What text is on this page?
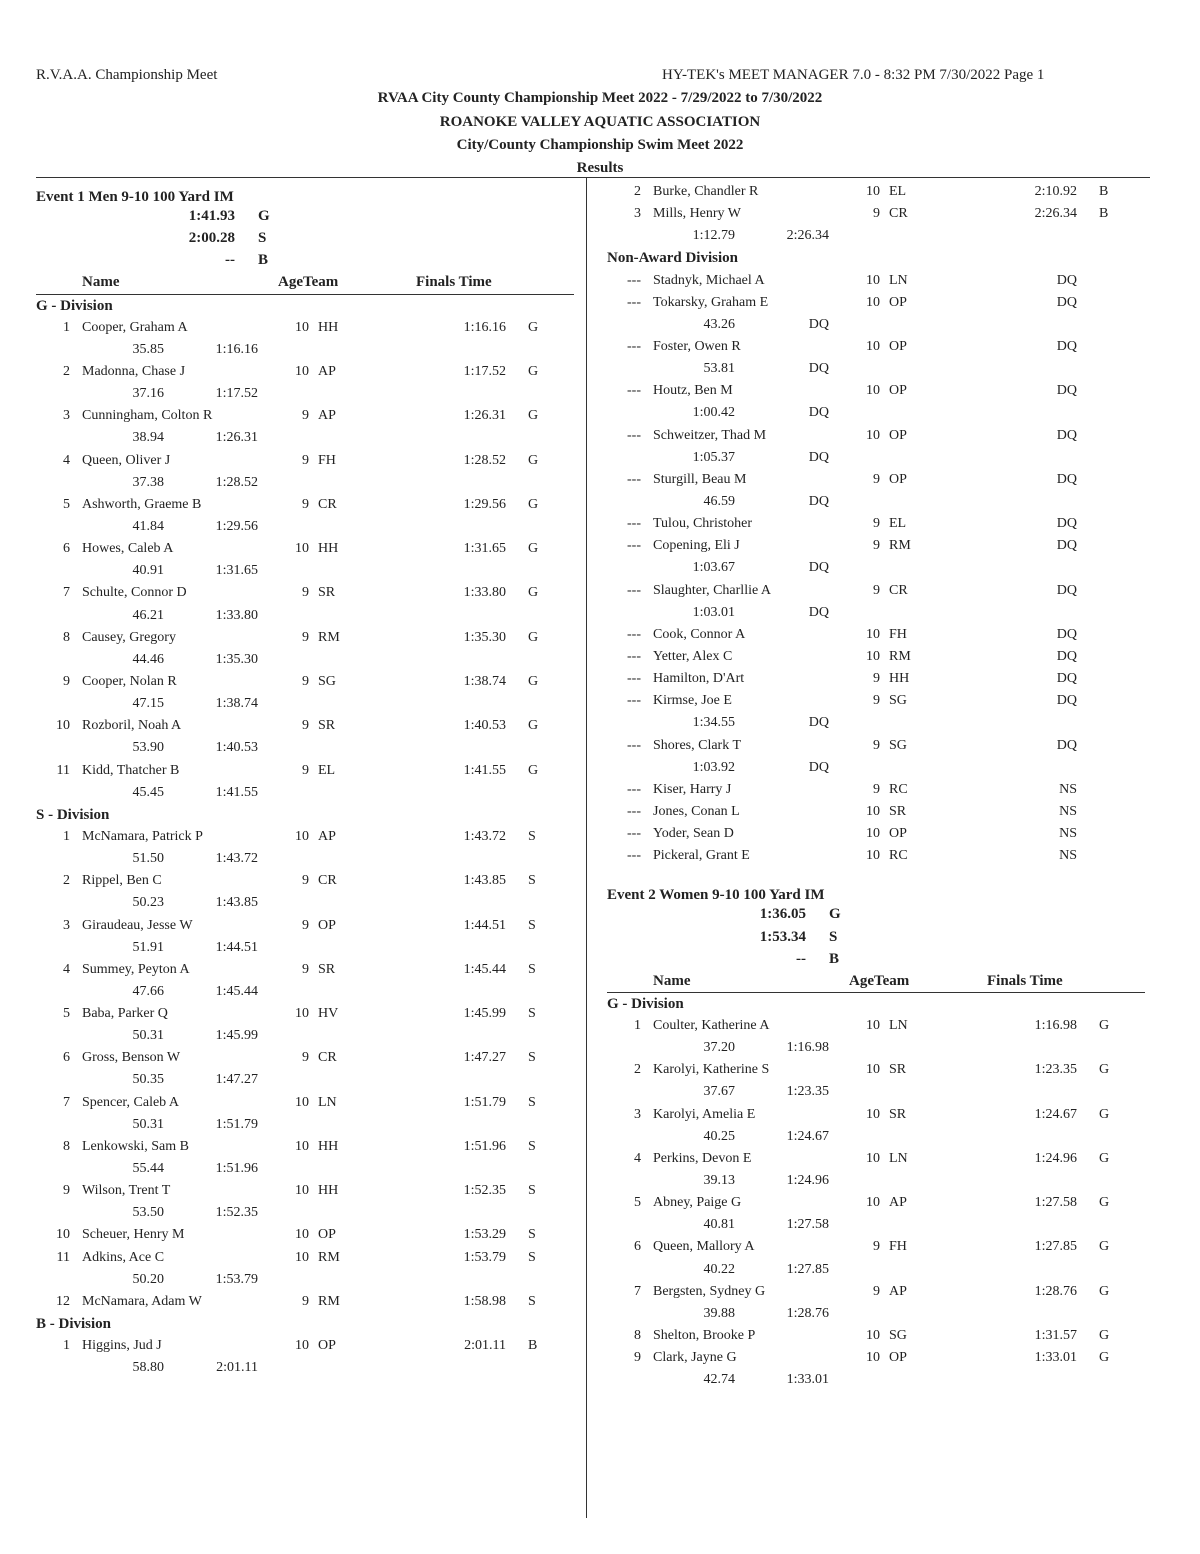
R.V.A.A. Championship Meet	HY-TEK's MEET MANAGER 7.0 - 8:32 PM 7/30/2022 Page 1
RVAA City County Championship Meet 2022 - 7/29/2022 to 7/30/2022
ROANOKE VALLEY AQUATIC ASSOCIATION
City/County Championship Swim Meet 2022
Results
Event 1 Men 9-10 100 Yard IM
1:41.93 G
2:00.28 S
-- B
Name	AgeTeam	Finals Time
G - Division
1 Cooper, Graham A	10 HH	1:16.16 G
35.85	1:16.16
2 Madonna, Chase J	10 AP	1:17.52 G
37.16	1:17.52
3 Cunningham, Colton R	9 AP	1:26.31 G
38.94	1:26.31
4 Queen, Oliver J	9 FH	1:28.52 G
37.38	1:28.52
5 Ashworth, Graeme B	9 CR	1:29.56 G
41.84	1:29.56
6 Howes, Caleb A	10 HH	1:31.65 G
40.91	1:31.65
7 Schulte, Connor D	9 SR	1:33.80 G
46.21	1:33.80
8 Causey, Gregory	9 RM	1:35.30 G
44.46	1:35.30
9 Cooper, Nolan R	9 SG	1:38.74 G
47.15	1:38.74
10 Rozboril, Noah A	9 SR	1:40.53 G
53.90	1:40.53
11 Kidd, Thatcher B	9 EL	1:41.55 G
45.45	1:41.55
S - Division
1 McNamara, Patrick P	10 AP	1:43.72 S
51.50	1:43.72
2 Rippel, Ben C	9 CR	1:43.85 S
50.23	1:43.85
3 Giraudeau, Jesse W	9 OP	1:44.51 S
51.91	1:44.51
4 Summey, Peyton A	9 SR	1:45.44 S
47.66	1:45.44
5 Baba, Parker Q	10 HV	1:45.99 S
50.31	1:45.99
6 Gross, Benson W	9 CR	1:47.27 S
50.35	1:47.27
7 Spencer, Caleb A	10 LN	1:51.79 S
50.31	1:51.79
8 Lenkowski, Sam B	10 HH	1:51.96 S
55.44	1:51.96
9 Wilson, Trent T	10 HH	1:52.35 S
53.50	1:52.35
10 Scheuer, Henry M	10 OP	1:53.29 S
11 Adkins, Ace C	10 RM	1:53.79 S
50.20	1:53.79
12 McNamara, Adam W	9 RM	1:58.98 S
B - Division
1 Higgins, Jud J	10 OP	2:01.11 B
58.80	2:01.11
2 Burke, Chandler R	10 EL	2:10.92 B
3 Mills, Henry W	9 CR	2:26.34 B
1:12.79	2:26.34
Non-Award Division
--- Stadnyk, Michael A	10 LN	DQ
--- Tokarsky, Graham E	10 OP	DQ
43.26	DQ
--- Foster, Owen R	10 OP	DQ
53.81	DQ
--- Houtz, Ben M	10 OP	DQ
1:00.42	DQ
--- Schweitzer, Thad M	10 OP	DQ
1:05.37	DQ
--- Sturgill, Beau M	9 OP	DQ
46.59	DQ
--- Tulou, Christoher	9 EL	DQ
--- Copening, Eli J	9 RM	DQ
1:03.67	DQ
--- Slaughter, Charllie A	9 CR	DQ
1:03.01	DQ
--- Cook, Connor A	10 FH	DQ
--- Yetter, Alex C	10 RM	DQ
--- Hamilton, D'Art	9 HH	DQ
--- Kirmse, Joe E	9 SG	DQ
1:34.55	DQ
--- Shores, Clark T	9 SG	DQ
1:03.92	DQ
--- Kiser, Harry J	9 RC	NS
--- Jones, Conan L	10 SR	NS
--- Yoder, Sean D	10 OP	NS
--- Pickeral, Grant E	10 RC	NS
Event 2 Women 9-10 100 Yard IM
1:36.05 G
1:53.34 S
-- B
Name	AgeTeam	Finals Time
G - Division
1 Coulter, Katherine A	10 LN	1:16.98 G
37.20	1:16.98
2 Karolyi, Katherine S	10 SR	1:23.35 G
37.67	1:23.35
3 Karolyi, Amelia E	10 SR	1:24.67 G
40.25	1:24.67
4 Perkins, Devon E	10 LN	1:24.96 G
39.13	1:24.96
5 Abney, Paige G	10 AP	1:27.58 G
40.81	1:27.58
6 Queen, Mallory A	9 FH	1:27.85 G
40.22	1:27.85
7 Bergsten, Sydney G	9 AP	1:28.76 G
39.88	1:28.76
8 Shelton, Brooke P	10 SG	1:31.57 G
9 Clark, Jayne G	10 OP	1:33.01 G
42.74	1:33.01
